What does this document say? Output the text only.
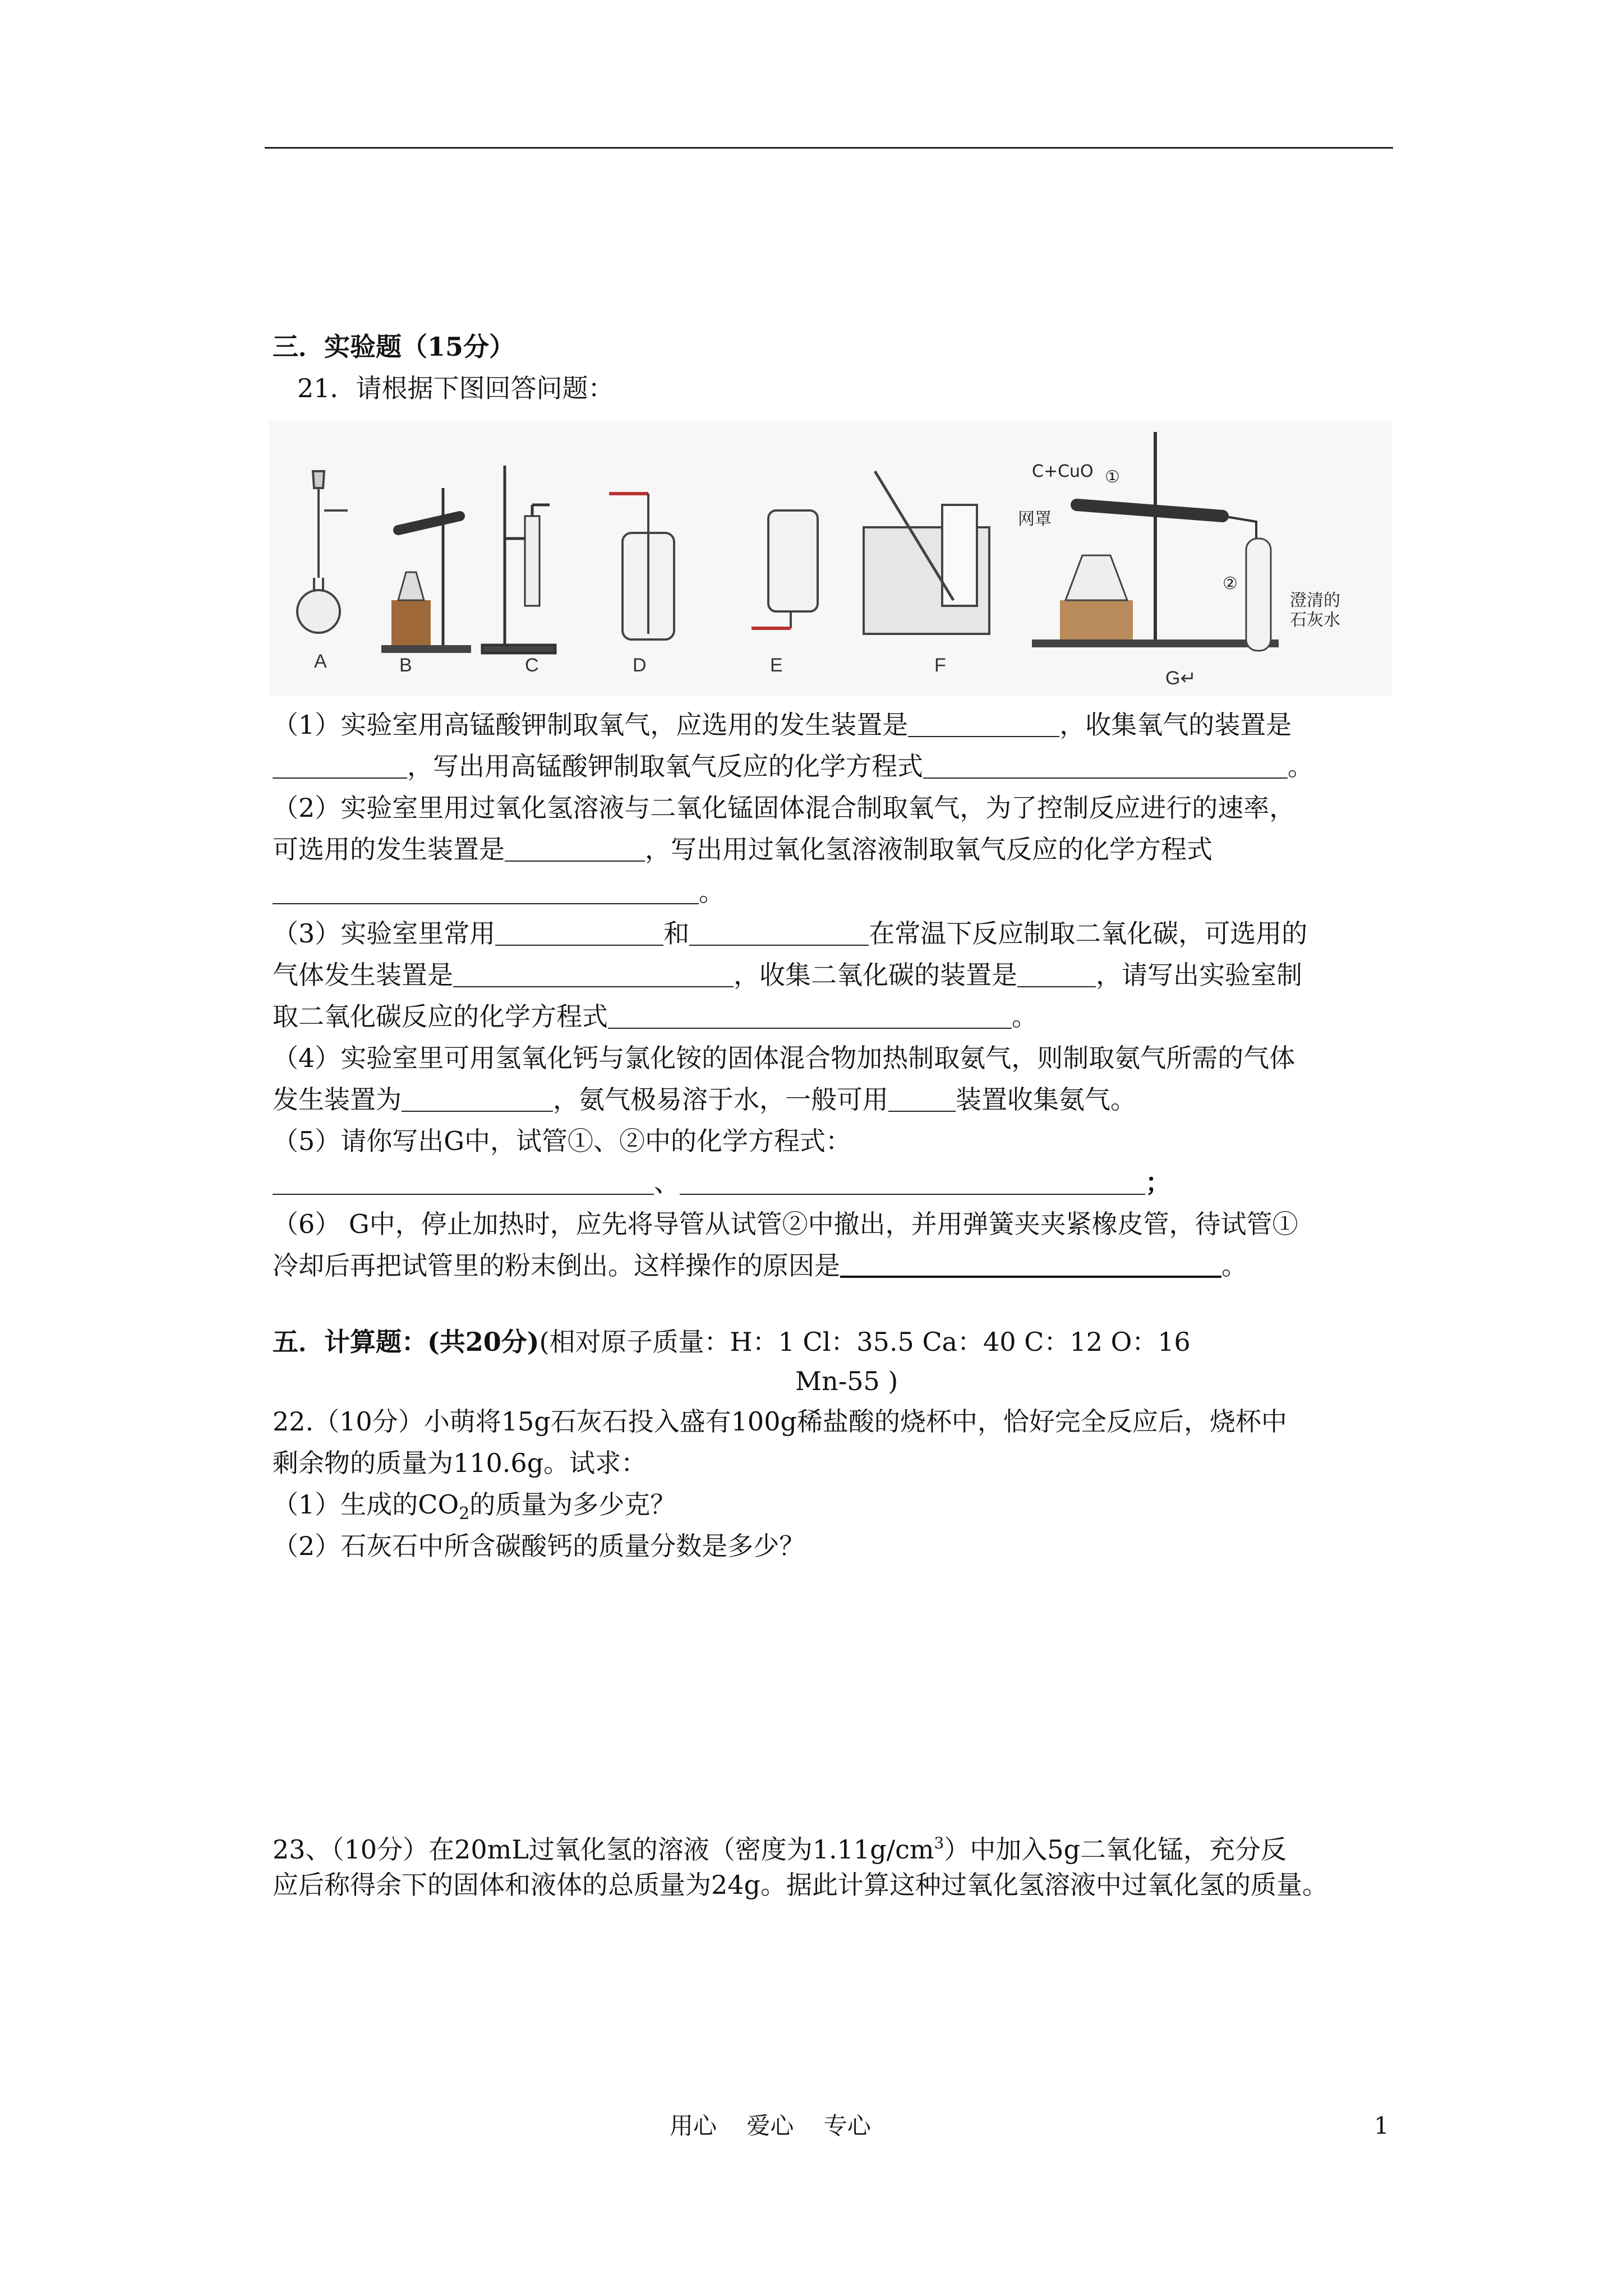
三．实验题（15分）
21．请根据下图回答问题：
C+CuO ①
网罩
②
澄清的
石灰水
A	B	C	D	E	F
G↵
（1）实验室用高锰酸钾制取氧气，应选用的发生装置是	，收集氧气的装置是
，写出用高锰酸钾制取氧气反应的化学方程式	。
（2）实验室里用过氧化氢溶液与二氧化锰固体混合制取氧气，为了控制反应进行的速率，
可选用的发生装置是	，写出用过氧化氢溶液制取氧气反应的化学方程式
。
（3）实验室里常用	和	在常温下反应制取二氧化碳，可选用的
气体发生装置是	，收集二氧化碳的装置是	，请写出实验室制
取二氧化碳反应的化学方程式	。
（4）实验室里可用氢氧化钙与氯化铵的固体混合物加热制取氨气，则制取氨气所需的气体
发生装置为	，氨气极易溶于水，一般可用	装置收集氨气。
（5）请你写出G中，试管①、②中的化学方程式：
、	；
（6） G中，停止加热时，应先将导管从试管②中撤出，并用弹簧夹夹紧橡皮管，待试管①
冷却后再把试管里的粉末倒出。这样操作的原因是	。
五．计算题：(共20分)(相对原子质量：H：1 Cl：35.5 Ca：40 C：12 O：16
Mn-55 )
22.（10分）小萌将15g石灰石投入盛有100g稀盐酸的烧杯中，恰好完全反应后，烧杯中
剩余物的质量为110.6g。试求：
（1）生成的$CO_2$的质量为多少克？
（2）石灰石中所含碳酸钙的质量分数是多少？
23、（10分）在20mL过氧化氢的溶液（密度为$1.11g/cm^3$）中加入5g二氧化锰，充分反
应后称得余下的固体和液体的总质量为24g。据此计算这种过氧化氢溶液中过氧化氢的质量。
用心    爱心    专心	1
